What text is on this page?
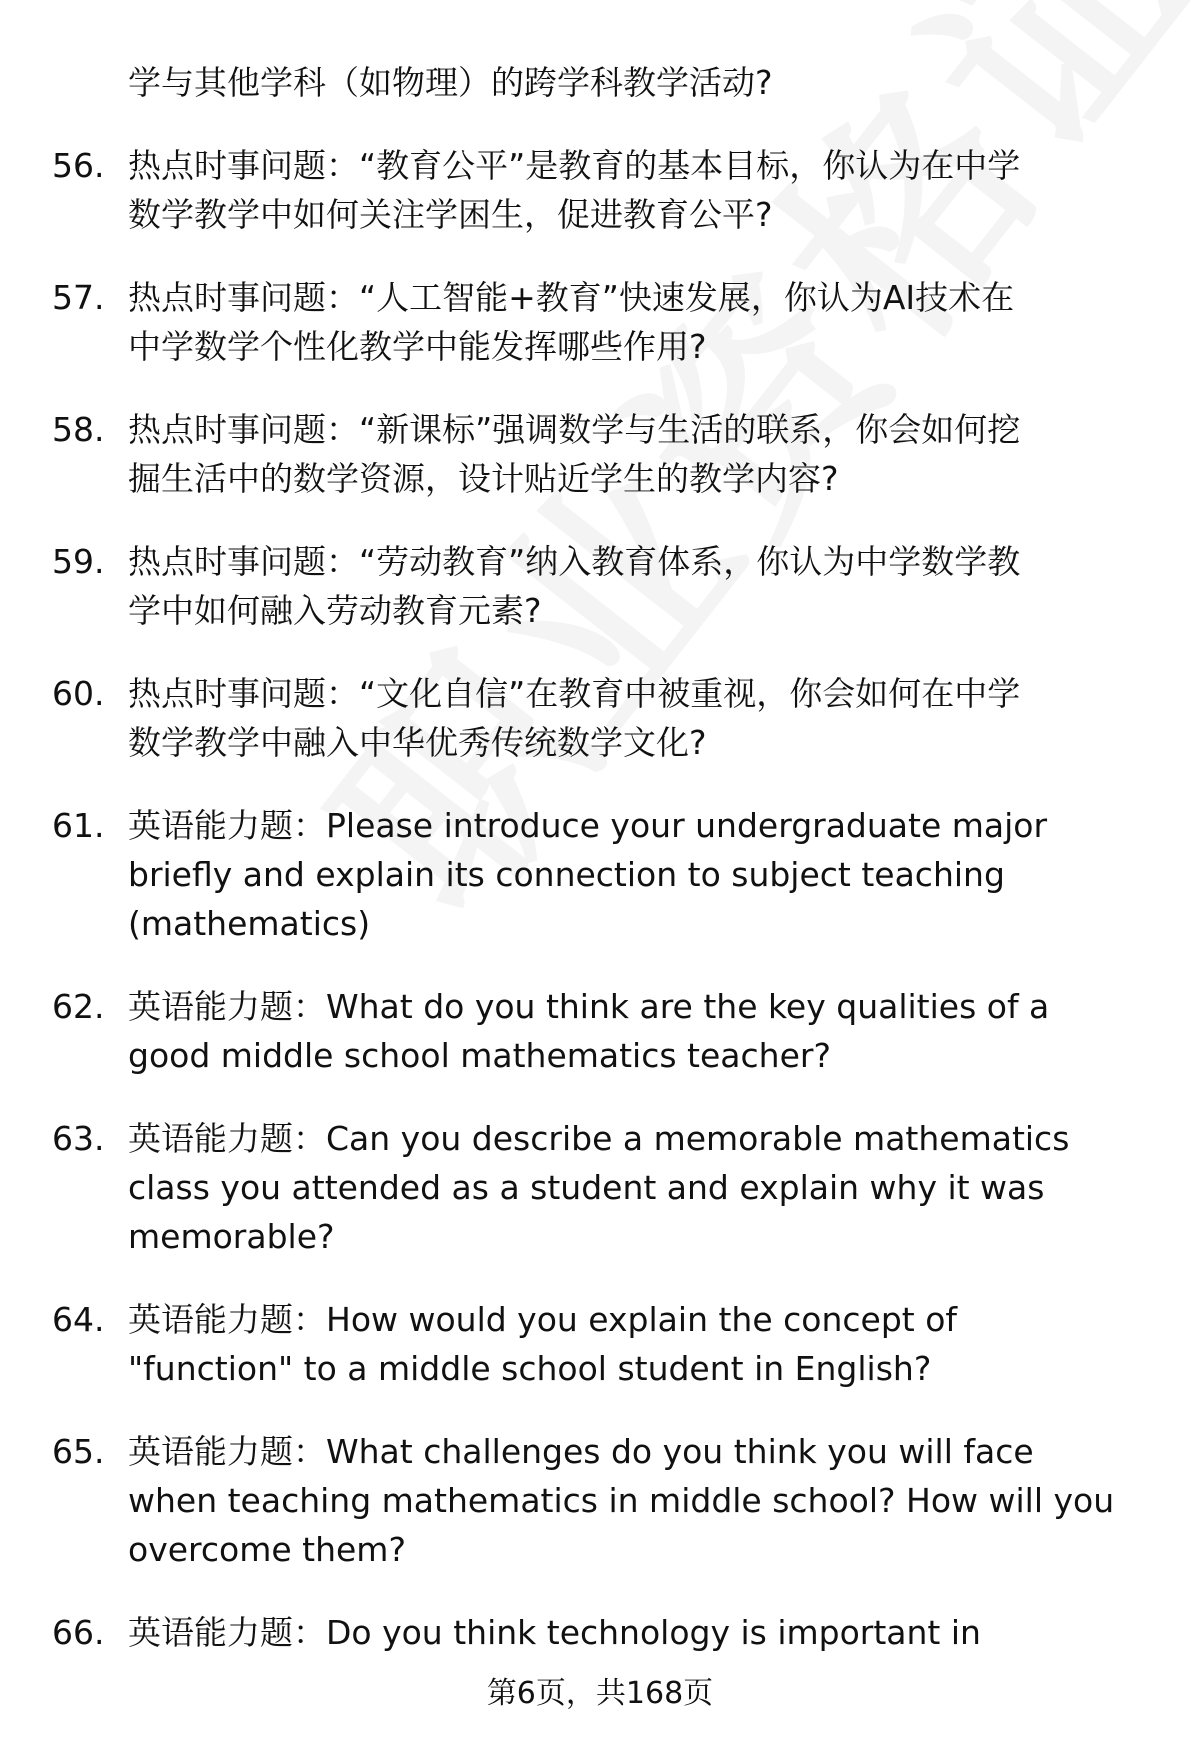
学与其他学科（如物理）的跨学科教学活动?
56. 热点时事问题：“教育公平”是教育的基本目标，你认为在中学
数学教学中如何关注学困生，促进教育公平?
57. 热点时事问题：“人工智能+教育”快速发展，你认为AI技术在
中学数学个性化教学中能发挥哪些作用?
58. 热点时事问题：“新课标”强调数学与生活的联系，你会如何挖
掘生活中的数学资源，设计贴近学生的教学内容?
59. 热点时事问题：“劳动教育”纳入教育体系，你认为中学数学教
学中如何融入劳动教育元素?
60. 热点时事问题：“文化自信”在教育中被重视，你会如何在中学
数学教学中融入中华优秀传统数学文化?
61. 英语能力题：Please introduce your undergraduate major
briefly and explain its connection to subject teaching
(mathematics)
62. 英语能力题：What do you think are the key qualities of a
good middle school mathematics teacher?
63. 英语能力题：Can you describe a memorable mathematics
class you attended as a student and explain why it was
memorable?
64. 英语能力题：How would you explain the concept of
"function" to a middle school student in English?
65. 英语能力题：What challenges do you think you will face
when teaching mathematics in middle school? How will you
overcome them?
66. 英语能力题：Do you think technology is important in
第6页，共168页
